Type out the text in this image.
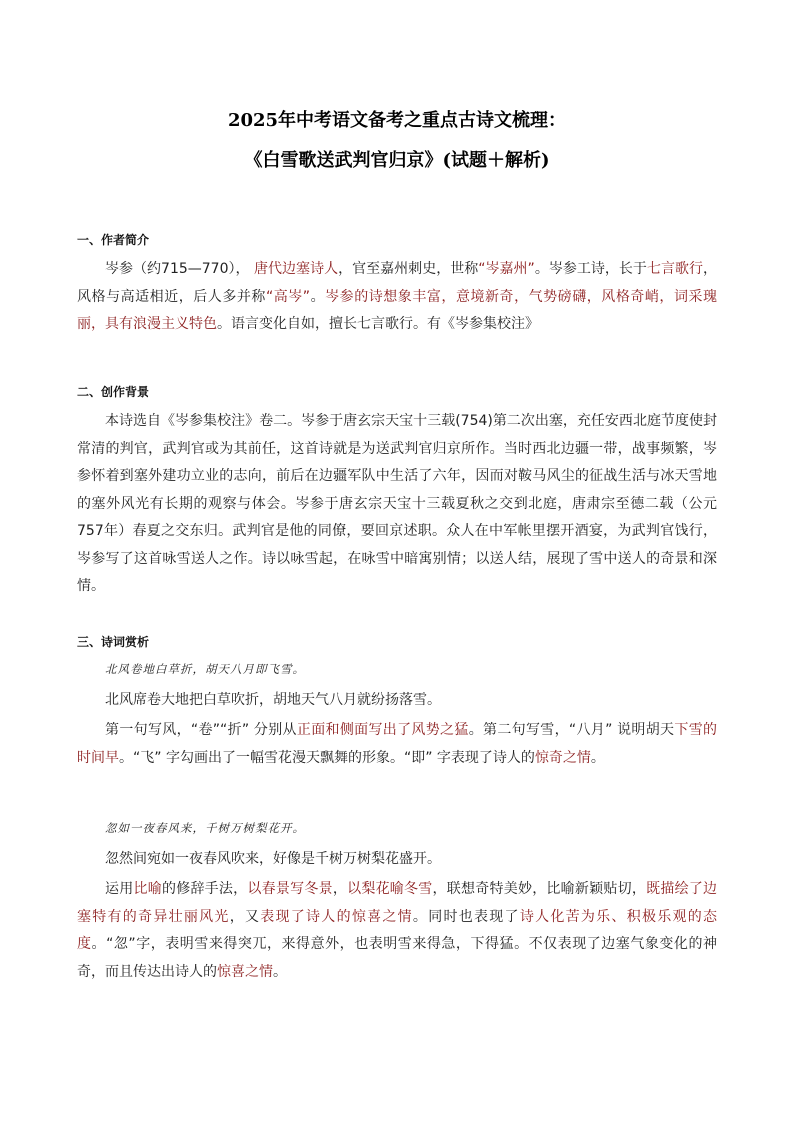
2025年中考语文备考之重点古诗文梳理：
《白雪歌送武判官归京》(试题＋解析)
一、作者简介

岑参（约715—770）， 唐代边塞诗人，官至嘉州刺史，世称“岑嘉州”。岑参工诗，长于七言歌行，风格与高适相近，后人多并称“高岑”。岑参的诗想象丰富，意境新奇，气势磅礴，风格奇峭，词采瑰丽，具有浪漫主义特色。语言变化自如，擅长七言歌行。有《岑参集校注》

二、创作背景

本诗选自《岑参集校注》卷二。岑参于唐玄宗天宝十三载(754)第二次出塞，充任安西北庭节度使封常清的判官，武判官或为其前任，这首诗就是为送武判官归京所作。当时西北边疆一带，战事频繁，岑参怀着到塞外建功立业的志向，前后在边疆军队中生活了六年，因而对鞍马风尘的征战生活与冰天雪地的塞外风光有长期的观察与体会。岑参于唐玄宗天宝十三载夏秋之交到北庭，唐肃宗至德二载（公元757年）春夏之交东归。武判官是他的同僚，要回京述职。众人在中军帐里摆开酒宴，为武判官饯行，岑参写了这首咏雪送人之作。诗以咏雪起，在咏雪中暗寓别情；以送人结，展现了雪中送人的奇景和深情。

三、诗词赏析
北风卷地白草折，胡天八月即飞雪。
北风席卷大地把白草吹折，胡地天气八月就纷扬落雪。

第一句写风，“卷”“折” 分别从正面和侧面写出了风势之猛。第二句写雪，“八月” 说明胡天下雪的时间早。“飞” 字勾画出了一幅雪花漫天飘舞的形象。“即” 字表现了诗人的惊奇之情。

忽如一夜春风来，千树万树梨花开。
忽然间宛如一夜春风吹来，好像是千树万树梨花盛开。

运用比喻的修辞手法，以春景写冬景，以梨花喻冬雪，联想奇特美妙，比喻新颖贴切，既描绘了边塞特有的奇异壮丽风光，又表现了诗人的惊喜之情。同时也表现了诗人化苦为乐、积极乐观的态度。“忽”字，表明雪来得突兀，来得意外，也表明雪来得急，下得猛。不仅表现了边塞气象变化的神奇，而且传达出诗人的惊喜之情。
